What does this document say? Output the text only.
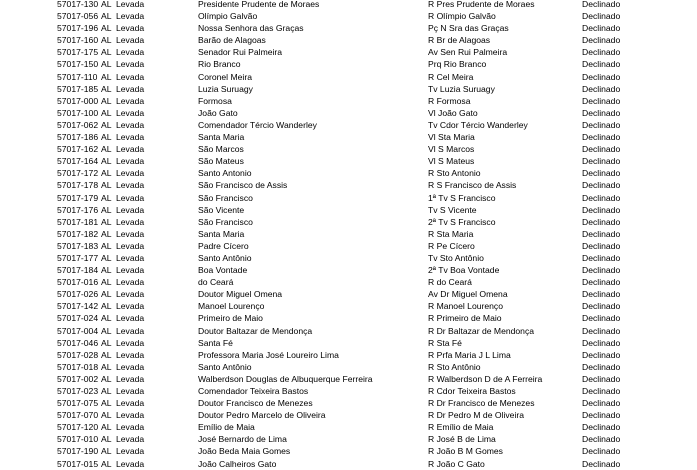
57017-130 AL Levada	Presidente Prudente de Moraes	R Pres Prudente de Moraes	Declinado
57017-056 AL Levada	Olímpio Galvão	R Olímpio Galvão	Declinado
57017-196 AL Levada	Nossa Senhora das Graças	Pç N Sra das Graças	Declinado
57017-160 AL Levada	Barão de Alagoas	R Br de Alagoas	Declinado
57017-175 AL Levada	Senador Rui Palmeira	Av Sen Rui Palmeira	Declinado
57017-150 AL Levada	Rio Branco	Prq Rio Branco	Declinado
57017-110 AL Levada	Coronel Meira	R Cel Meira	Declinado
57017-185 AL Levada	Luzia Suruagy	Tv Luzia Suruagy	Declinado
57017-000 AL Levada	Formosa	R Formosa	Declinado
57017-100 AL Levada	João Gato	Vl João Gato	Declinado
57017-062 AL Levada	Comendador Tércio Wanderley	Tv Cdor Tércio Wanderley	Declinado
57017-186 AL Levada	Santa Maria	Vl Sta Maria	Declinado
57017-162 AL Levada	São Marcos	Vl S Marcos	Declinado
57017-164 AL Levada	São Mateus	Vl S Mateus	Declinado
57017-172 AL Levada	Santo Antonio	R Sto Antonio	Declinado
57017-178 AL Levada	São Francisco de Assis	R S Francisco de Assis	Declinado
57017-179 AL Levada	São Francisco	1ª Tv S Francisco	Declinado
57017-176 AL Levada	São Vicente	Tv S Vicente	Declinado
57017-181 AL Levada	São Francisco	2ª Tv S Francisco	Declinado
57017-182 AL Levada	Santa Maria	R Sta Maria	Declinado
57017-183 AL Levada	Padre Cícero	R Pe Cícero	Declinado
57017-177 AL Levada	Santo Antônio	Tv Sto Antônio	Declinado
57017-184 AL Levada	Boa Vontade	2ª Tv Boa Vontade	Declinado
57017-016 AL Levada	do Ceará	R do Ceará	Declinado
57017-026 AL Levada	Doutor Miguel Omena	Av Dr Miguel Omena	Declinado
57017-142 AL Levada	Manoel Lourenço	R Manoel Lourenço	Declinado
57017-024 AL Levada	Primeiro de Maio	R Primeiro de Maio	Declinado
57017-004 AL Levada	Doutor Baltazar de Mendonça	R Dr Baltazar de Mendonça	Declinado
57017-046 AL Levada	Santa Fé	R Sta Fé	Declinado
57017-028 AL Levada	Professora Maria José Loureiro Lima	R Prfa Maria J L Lima	Declinado
57017-018 AL Levada	Santo Antônio	R Sto Antônio	Declinado
57017-002 AL Levada	Walberdson Douglas de Albuquerque Ferreira	R Walberdson D de A Ferreira	Declinado
57017-023 AL Levada	Comendador Teixeira Bastos	R Cdor Teixeira Bastos	Declinado
57017-075 AL Levada	Doutor Francisco de Menezes	R Dr Francisco de Menezes	Declinado
57017-070 AL Levada	Doutor Pedro Marcelo de Oliveira	R Dr Pedro M de Oliveira	Declinado
57017-120 AL Levada	Emílio de Maia	R Emílio de Maia	Declinado
57017-010 AL Levada	José Bernardo de Lima	R José B de Lima	Declinado
57017-190 AL Levada	João Beda Maia Gomes	R João B M Gomes	Declinado
57017-015 AL Levada	João Calheiros Gato	R João C Gato	Declinado
